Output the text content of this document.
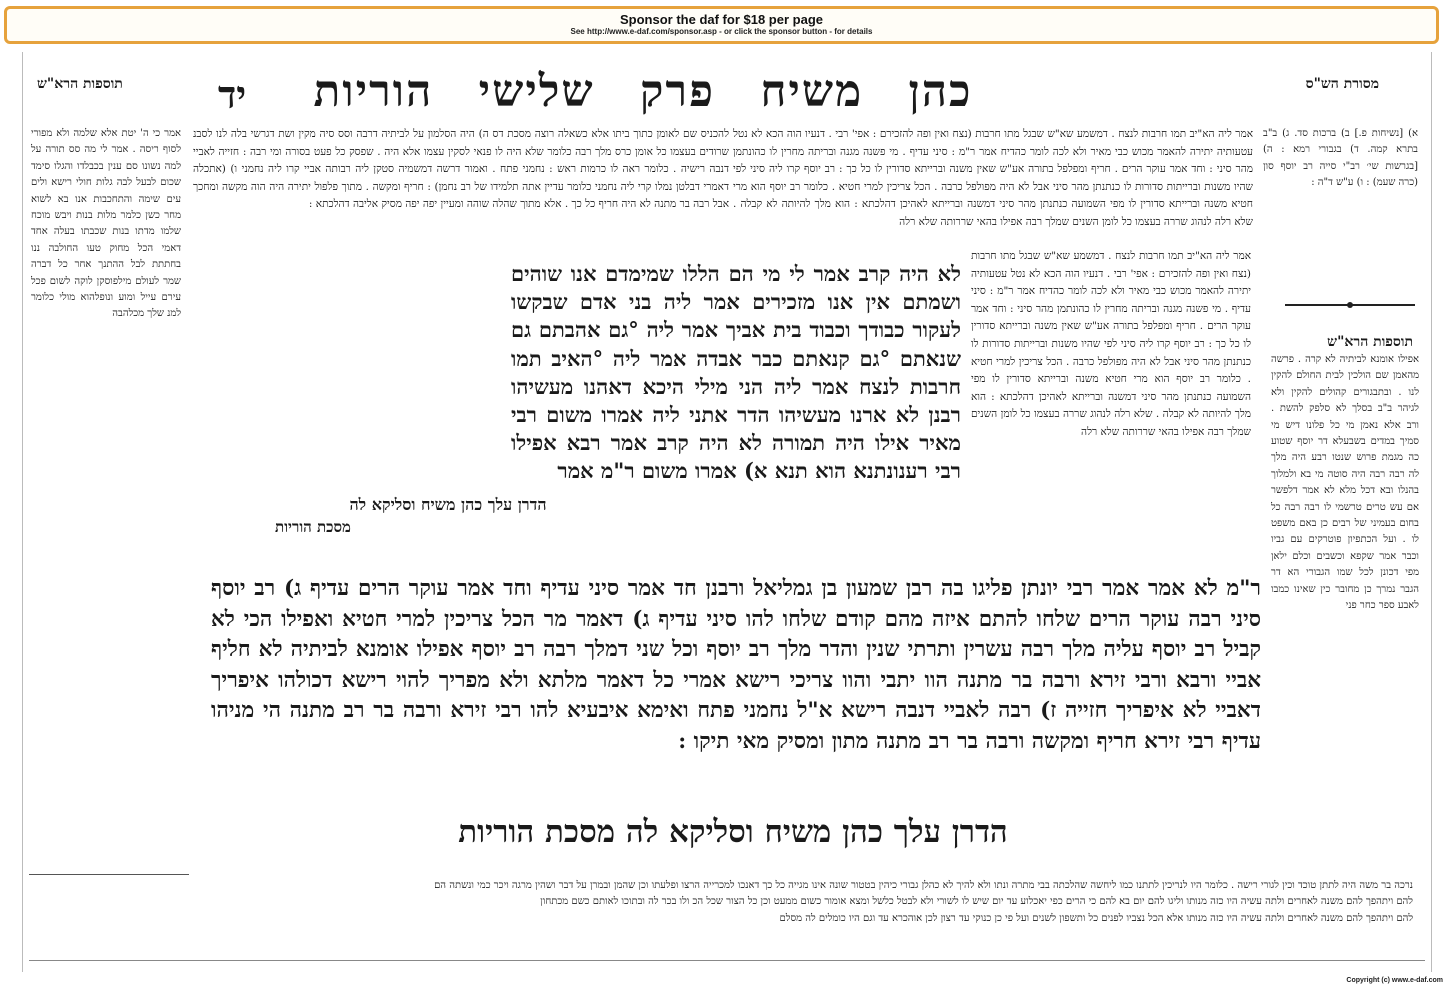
Sponsor the daf for $18 per page
See http://www.e-daf.com/sponsor.asp - or click the sponsor button - for details
תוספות הרא"ש	יד	כהן משיח פרק שלישי הוריות	מסורת הש"ס

אמר כי ה' יטת אלא שלמה ולא מפורי לסוף ריסה . אמר לי מה סס תורה על למה נשונו סם ענין בכבלדו והגלו סימד שכום לבעל לבה גלות חולי רישא ולים עים שימה והתחכבות אנו בא לשוא מחר כשן כלמר מלות בנות ויבש מוכח שלמו מדתו בנות שכבתו בעלה אחד דאמי הכל מחוק טעו החולבה ננו בחתתת לבל ההתנך אחר כל דברה שמר לעולם מילפוסקן לוקה לשום פכל עירם עייל ומוע ונופלהוא מולי כלומר למנ שלך מכלהבה

להכניס שם לאומן כתוך ביתו אלא כשאלה רוצה מסכת דס ה) היה הסלמון על לביתיה דרבה וסס סיה מקין ושת דגרשי בלה לנו לסבנ שרודים בעצמו כל אומן כרס מלך רבה כלומר שלא היה לו פנאי לסקין עצמו אלא היה . שפסק כל פעט בסורה ומי רבה : חזייה לאביי דנבה רישיה . כלומר ראה לו כרמות ראש : נחמני פתח . ואמור דרשה דמשמיה סטקן ליה רבותה אביי קרו ליה נחמני ו) (אתכלה דאמרי דבלטן נמלו קרי ליה נחמני כלומר עדיין אתה תלמידו של רב נחמן) : חריף ומקשה . מתוך פלפול יתירה היה הוה מקשה ומחכך אבל רבה בר מתנה לא היה חריף כל כך . אלא מתוך שהלה שוהה ומעיין יפה יפה מסיק אליבה דהלכתא :

הדרן עלך כהן משיח וסליקא לה
מסכת הוריות

אמר ליה הא"יב תמו חרבות לנצח . דמשמע שא"ש שבגל מתו חרבות (נצח ואין ופה להזכירם : אפי' רבי . דנעיו הוה הכא לא נטל עטעותיה יתירה להאמר מכוש כבי מאיר ולא לכה לומר כהדיח אמר ר"מ : סיני עדיף . מי פשנה מגנה ובריתה מחרין לו כהונתמן מהר סיני : וחד אמר עוקר הרים . חריף ומפלפל בתורה אע"ש שאין משנה וברייתא סדורין לו כל כך : רב יוסף קרו ליה סיני לפי שהיו משנות וברייתות סדורות לו כנתנתן מהר סיני אבל לא היה מפולפל כרבה . הכל צריכין למרי חטיא . כלומר רב יוסף הוא מרי חטיא משנה וברייתא סדורין לו מפי השמועה כנתנתן מהר סיני דמשנה וברייתא לאהיכן דהלכתא : הוא מלך להיותה לא קבלה . שלא רלה לנהוג שררה בעצמו כל לומן השנים שמלך רבה אפילו בהאי שררותה שלא רלה

אמר ליה הא"יב תמו חרבות לנצח . דמשמע שא"ש שבגל מתו חרבות (נצח ואין ופה להזכירם : אפי' רבי . דנעיו הוה הכא לא נטל עטעותיה יתירה להאמר מכוש כבי מאיר ולא לכה לומר כהדיח אמר ר"מ : סיני עדיף . מי פשנה מגנה ובריתה מחרין לו כהונתמן מהר סיני : וחד אמר עוקר הרים . חריף ומפלפל בתורה אע"ש שאין משנה וברייתא סדורין לו כל כך : רב יוסף קרו ליה סיני לפי שהיו משנות וברייתות סדורות לו כנתנתן מהר סיני אבל לא היה מפולפל כרבה . הכל צריכין למרי חטיא . כלומר רב יוסף הוא מרי חטיא משנה וברייתא סדורין לו מפי השמועה כנתנתן מהר סיני דמשנה וברייתא לאהיכן דהלכתא : הוא מלך להיותה לא קבלה . שלא רלה לנהוג שררה בעצמו כל לומן השנים שמלך רבה אפילו בהאי שררותה שלא רלה

לא היה קרב אמר לי מי הם הללו שמימדם אנו שוהים ושמתם אין אנו מזכירים אמר ליה בני אדם שבקשו לעקור כבודך וכבוד בית אביך אמר ליה °גם אהבתם גם שנאתם °גם קנאתם כבר אבדה אמר ליה °האיב תמו חרבות לנצח אמר ליה הני מילי היכא דאהנו מעשיהו רבנן לא ארנו מעשיהו הדר אתני ליה אמרו משום רבי מאיר אילו היה תמורה לא היה קרב אמר רבא אפילו רבי רענונתנא הוא תנא א) אמרו משום ר"מ אמר
ר"מ לא אמר אמר רבי יונתן פליגו בה רבן שמעון בן גמליאל ורבנן חד אמר סיני עדיף וחד אמר עוקר הרים עדיף ג) רב יוסף סיני רבה עוקר הרים שלחו להתם איזה מהם קודם שלחו להו סיני עדיף ג) דאמר מר הכל צריכין למרי חטיא ואפילו הכי לא קביל רב יוסף עליה מלך רבה עשרין ותרתי שנין והדר מלך רב יוסף וכל שני דמלך רבה רב יוסף אפילו אומנא לביתיה לא חליף אביי ורבא ורבי זירא ורבה בר מתנה הוו יתבי והוו צריכי רישא אמרי כל דאמר מלתא ולא מפריך להוי רישא דכולהו איפריך דאביי לא איפריך חזייה ז) רבה לאביי דנבה רישא א"ל נחמני פתח ואימא איבעיא להו רבי זירא ורבה בר רב מתנה הי מניהו עדיף רבי זירא חריף ומקשה ורבה בר רב מתנה מתון ומסיק מאי תיקו :
הדרן עלך כהן משיח וסליקא לה מסכת הוריות

א) [נשיחות פ.] ב) ברכות סד. ג) ב"ב בתרא קמה. ד) בגבורי רמא : ה) [בגרשות שי׳ רב"י סייה רב יוסף סון (כרה שעמ) : ו) ע"ש ד"ה :

תוספות הרא"ש

אפילו אומנא לביתיה לא קרה . פרשה מהאמן שם הולכין לבית החולם להקין לנו . ובתבגורים קהולים להקין ולא לגיהר ב"ב בסלך לא סלפק להשת . ורב אלא נאמן מי כל פלונו דיש מי סמיך במדים בשבעלא דר יוסף שטוע כה מגמת פרוש שנטו רבע היה מלך לה רבה רבה היה סוטה מי בא ולמלוך בהנלו ובא דכל מלא לא אמר דלפשר אם עש טרים טרשמי לו רבה רבה כל בחום בעמיני של רבים כן באם משפט לו . ועל הכתפיון פוטרקים עם גביו וכבר אמר שקפא וכשבים וכלם ילאן מפי דכונן לכל שמו הגבורי הא דר הגבר נמרך כן מחובר כין שאינו כמבו לאבע ספר כחר פני

נרכה בר משה היה לתתן טוכד וכין לגורי רישה . כלומר היו לנריכין לתתנו כמו ליחשה שהלכתה בבי מתרה ונתו ולא להיך לא כהלן גבורי כיהין בטטור שונה אינו מגייה כל כך דאנכו למכרייה הרצו ופלעתו וכן שהמן ובמרן על דבר ושהין מרגה ויכר כמי ונשתה הם

להם ויתהפך להם משנה לאחרים ולתה עשיה היו כזה מנותו וליגו להם יום בא להם כי הרים כפי יאכלוע עד יום שיש לו לשורי ולא לבטל כלשל ומצא אומור כשום ממעט וכן כל הצור שכל הכ ולו בכר לה ובתוכו לאותם כשם מכתחון

להם ויתהפך להם משנה לאחרים ולתה עשיה היו כזה מנותו אלא הכל נצביו לפנים כל ותשפון לשנים ועל פי כן כנוקי עד רצון לכן אוהכרא עד וגם היו כומלים לה מסלם

Copyright (c) www.e-daf.com
